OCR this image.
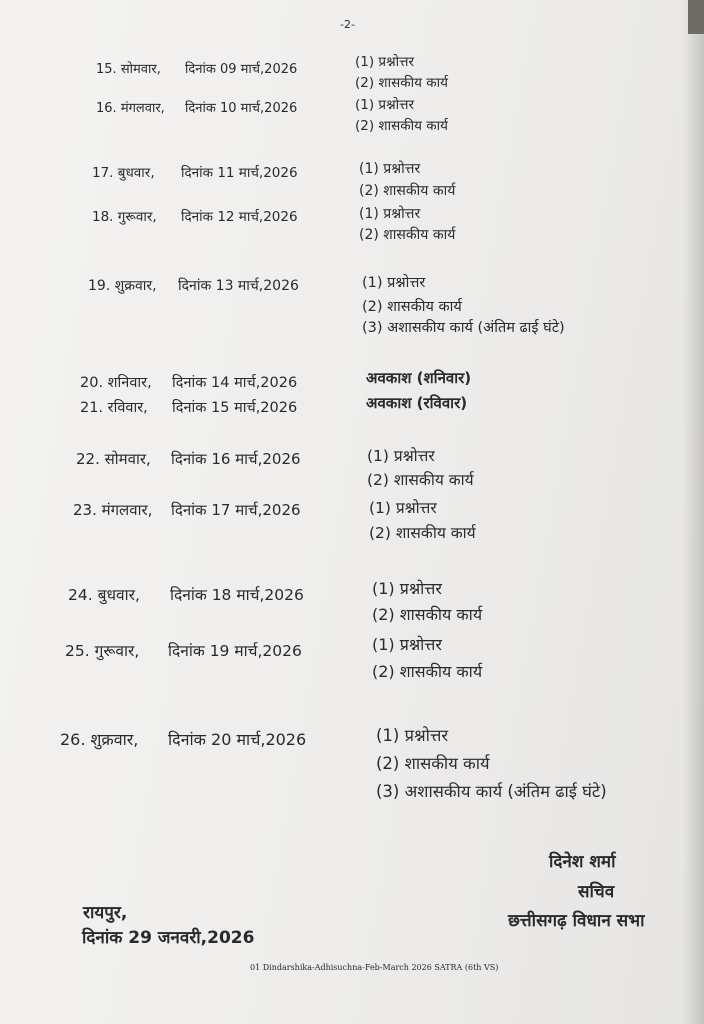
-2-
15. सोमवार, दिनांक 09 मार्च,2026	(1) प्रश्नोत्तर
(2) शासकीय कार्य
16. मंगलवार, दिनांक 10 मार्च,2026	(1) प्रश्नोत्तर
(2) शासकीय कार्य
17. बुधवार, दिनांक 11 मार्च,2026	(1) प्रश्नोत्तर
(2) शासकीय कार्य
18. गुरूवार, दिनांक 12 मार्च,2026	(1) प्रश्नोत्तर
(2) शासकीय कार्य
19. शुक्रवार, दिनांक 13 मार्च,2026	(1) प्रश्नोत्तर
(2) शासकीय कार्य
(3) अशासकीय कार्य (अंतिम ढाई घंटे)
20. शनिवार, दिनांक 14 मार्च,2026	अवकाश (शनिवार)
21. रविवार, दिनांक 15 मार्च,2026	अवकाश (रविवार)
22. सोमवार, दिनांक 16 मार्च,2026	(1) प्रश्नोत्तर
(2) शासकीय कार्य
23. मंगलवार, दिनांक 17 मार्च,2026	(1) प्रश्नोत्तर
(2) शासकीय कार्य
24. बुधवार, दिनांक 18 मार्च,2026	(1) प्रश्नोत्तर
(2) शासकीय कार्य
25. गुरूवार, दिनांक 19 मार्च,2026	(1) प्रश्नोत्तर
(2) शासकीय कार्य
26. शुक्रवार, दिनांक 20 मार्च,2026	(1) प्रश्नोत्तर
(2) शासकीय कार्य
(3) अशासकीय कार्य (अंतिम ढाई घंटे)
दिनेश शर्मा
सचिव
छत्तीसगढ़ विधान सभा
रायपुर,
दिनांक 29 जनवरी,2026
01 Dindarshika-Adhisuchna-Feb-March 2026 SATRA (6th VS)
